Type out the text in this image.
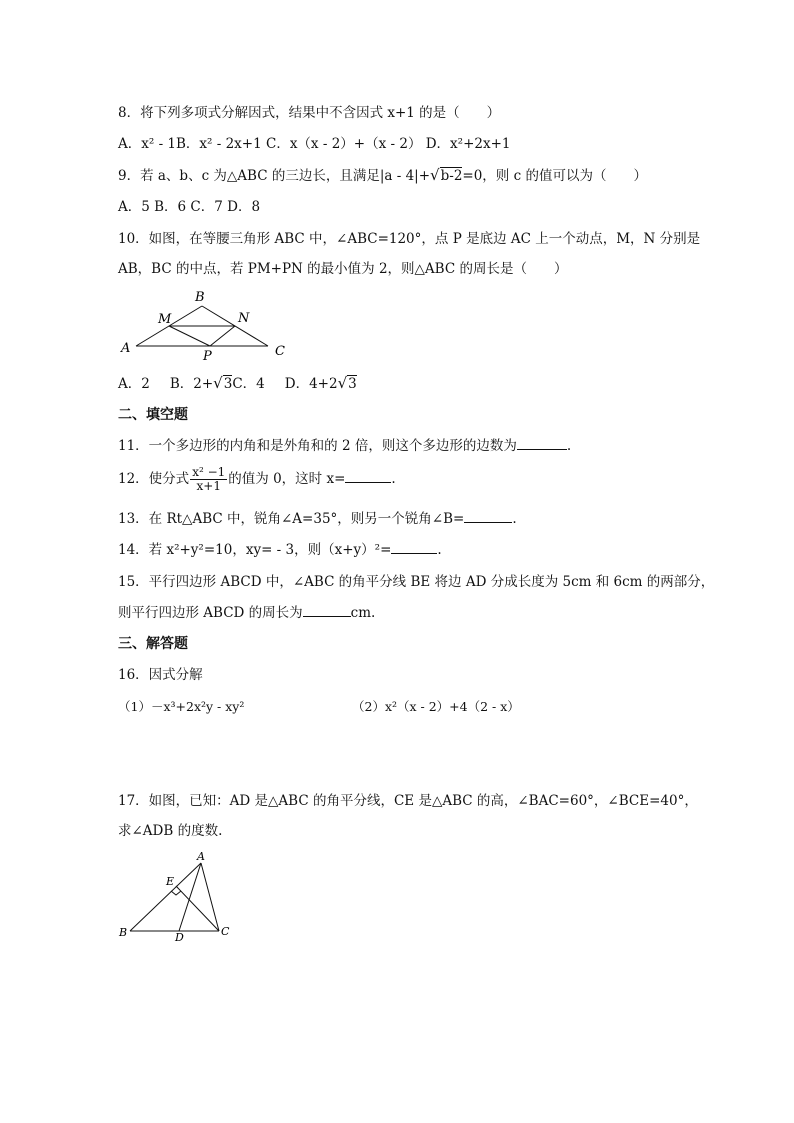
8．将下列多项式分解因式，结果中不含因式 x+1 的是（　　）
A．x² - 1B．x² - 2x+1 C．x（x - 2）+（x - 2） D．x²+2x+1
9．若 a、b、c 为△ABC 的三边长，且满足|a - 4|+√b-2=0，则 c 的值可以为（　　）
A．5 B．6 C．7 D．8
10．如图，在等腰三角形 ABC 中，∠ABC=120°，点 P 是底边 AC 上一个动点，M，N 分别是
AB，BC 的中点，若 PM+PN 的最小值为 2，则△ABC 的周长是（　　）
A
B
C
M	N
P
A．2 B．2+√3C．4 D．4+2√3
二、填空题
11．一个多边形的内角和是外角和的 2 倍，则这个多边形的边数为	.
12．使分式 $\frac{\text{x² −1}}{x+1}$ 的值为 0，这时 x=	.
13．在 Rt△ABC 中，锐角∠A=35°，则另一个锐角∠B=	.
14．若 x²+y²=10，xy= - 3，则（x+y）²=	.
15．平行四边形 ABCD 中，∠ABC 的角平分线 BE 将边 AD 分成长度为 5cm 和 6cm 的两部分，
则平行四边形 ABCD 的周长为	cm.
三、解答题
16．因式分解
（1）－x³+2x²y - xy²	（2）x²（x - 2）+4（2 - x）
17．如图，已知：AD 是△ABC 的角平分线，CE 是△ABC 的高，∠BAC=60°，∠BCE=40°，
求∠ADB 的度数.
A
B	C
D
E
